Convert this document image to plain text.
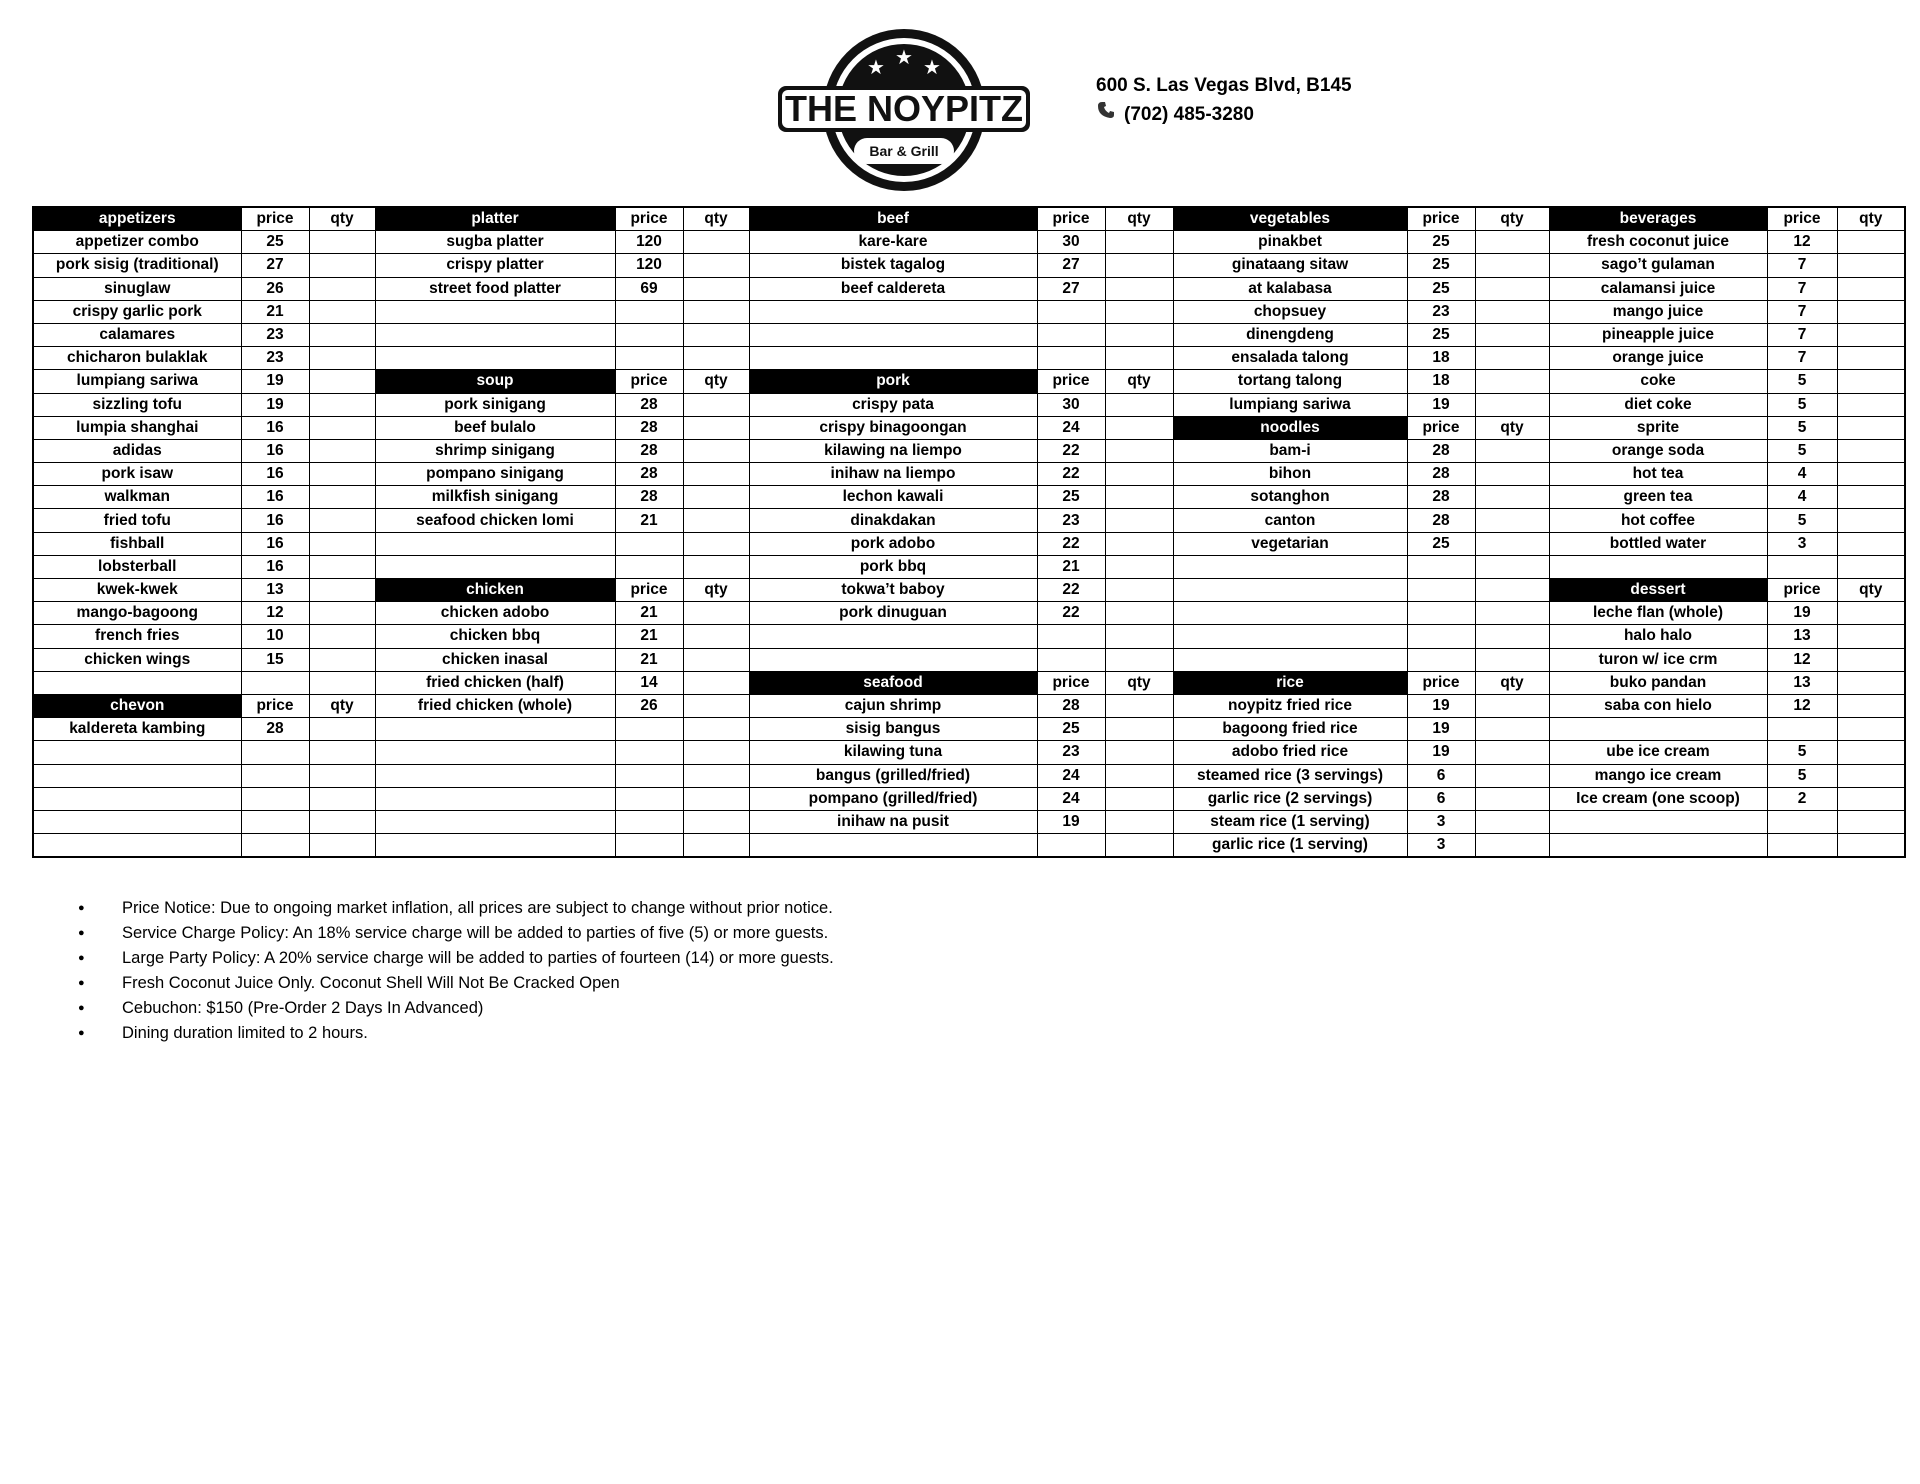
★ ★ ★
THE NOYPITZ
Bar & Grill
600 S. Las Vegas Blvd, B145
(702) 485-3280
appetizers	price	qty	platter	price	qty	beef	price	qty	vegetables	price	qty	beverages	price	qty
appetizer combo	25		sugba platter	120		kare-kare	30		pinakbet	25		fresh coconut juice	12	
pork sisig (traditional)	27		crispy platter	120		bistek tagalog	27		ginataang sitaw	25		sago’t gulaman	7	
sinuglaw	26		street food platter	69		beef caldereta	27		at kalabasa	25		calamansi juice	7	
crispy garlic pork	21								chopsuey	23		mango juice	7	
calamares	23								dinengdeng	25		pineapple juice	7	
chicharon bulaklak	23								ensalada talong	18		orange juice	7	
lumpiang sariwa	19		soup	price	qty	pork	price	qty	tortang talong	18		coke	5	
sizzling tofu	19		pork sinigang	28		crispy pata	30		lumpiang sariwa	19		diet coke	5	
lumpia shanghai	16		beef bulalo	28		crispy binagoongan	24		noodles	price	qty	sprite	5	
adidas	16		shrimp sinigang	28		kilawing na liempo	22		bam-i	28		orange soda	5	
pork isaw	16		pompano sinigang	28		inihaw na liempo	22		bihon	28		hot tea	4	
walkman	16		milkfish sinigang	28		lechon kawali	25		sotanghon	28		green tea	4	
fried tofu	16		seafood chicken lomi	21		dinakdakan	23		canton	28		hot coffee	5	
fishball	16					pork adobo	22		vegetarian	25		bottled water	3	
lobsterball	16					pork bbq	21							
kwek-kwek	13		chicken	price	qty	tokwa’t baboy	22					dessert	price	qty
mango-bagoong	12		chicken adobo	21		pork dinuguan	22					leche flan (whole)	19	
french fries	10		chicken bbq	21								halo halo	13	
chicken wings	15		chicken inasal	21								turon w/ ice crm	12	
			fried chicken (half)	14		seafood	price	qty	rice	price	qty	buko pandan	13	
chevon	price	qty	fried chicken (whole)	26		cajun shrimp	28		noypitz fried rice	19		saba con hielo	12	
kaldereta kambing	28					sisig bangus	25		bagoong fried rice	19				
						kilawing tuna	23		adobo fried rice	19		ube ice cream	5	
						bangus (grilled/fried)	24		steamed rice (3 servings)	6		mango ice cream	5	
						pompano (grilled/fried)	24		garlic rice (2 servings)	6		Ice cream (one scoop)	2	
						inihaw na pusit	19		steam rice (1 serving)	3				
									garlic rice (1 serving)	3				
● Price Notice: Due to ongoing market inflation, all prices are subject to change without prior notice.
● Service Charge Policy: An 18% service charge will be added to parties of five (5) or more guests.
● Large Party Policy: A 20% service charge will be added to parties of fourteen (14) or more guests.
● Fresh Coconut Juice Only. Coconut Shell Will Not Be Cracked Open
● Cebuchon: $150 (Pre-Order 2 Days In Advanced)
● Dining duration limited to 2 hours.
